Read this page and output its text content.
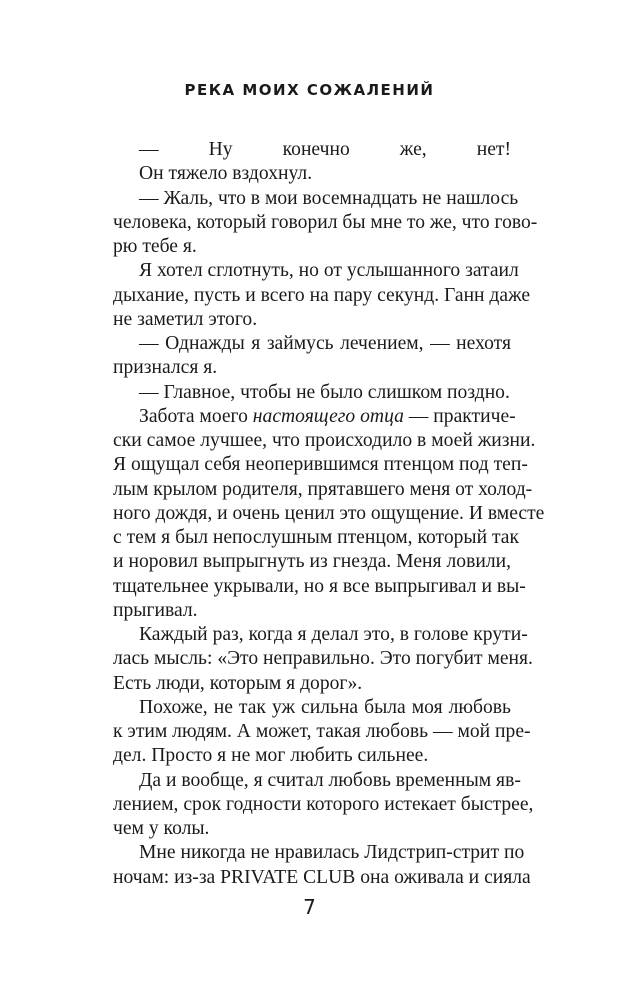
РЕКА МОИХ СОЖАЛЕНИЙ
— Ну конечно же, нет!
Он тяжело вздохнул.
— Жаль, что в мои восемнадцать не нашлось
человека, который говорил бы мне то же, что гово-
рю тебе я.
Я хотел сглотнуть, но от услышанного затаил
дыхание, пусть и всего на пару секунд. Ганн даже
не заметил этого.
— Однажды я займусь лечением, — нехотя
признался я.
— Главное, чтобы не было слишком поздно.
Забота моего настоящего отца — практиче-
ски самое лучшее, что происходило в моей жизни.
Я ощущал себя неоперившимся птенцом под теп-
лым крылом родителя, прятавшего меня от холод-
ного дождя, и очень ценил это ощущение. И вместе
с тем я был непослушным птенцом, который так
и норовил выпрыгнуть из гнезда. Меня ловили,
тщательнее укрывали, но я все выпрыгивал и вы-
прыгивал.
Каждый раз, когда я делал это, в голове крути-
лась мысль: «Это неправильно. Это погубит меня.
Есть люди, которым я дорог».
Похоже, не так уж сильна была моя любовь
к этим людям. А может, такая любовь — мой пре-
дел. Просто я не мог любить сильнее.
Да и вообще, я считал любовь временным яв-
лением, срок годности которого истекает быстрее,
чем у колы.
Мне никогда не нравилась Лидстрип-стрит по
ночам: из-за PRIVATE CLUB она оживала и сияла
7
